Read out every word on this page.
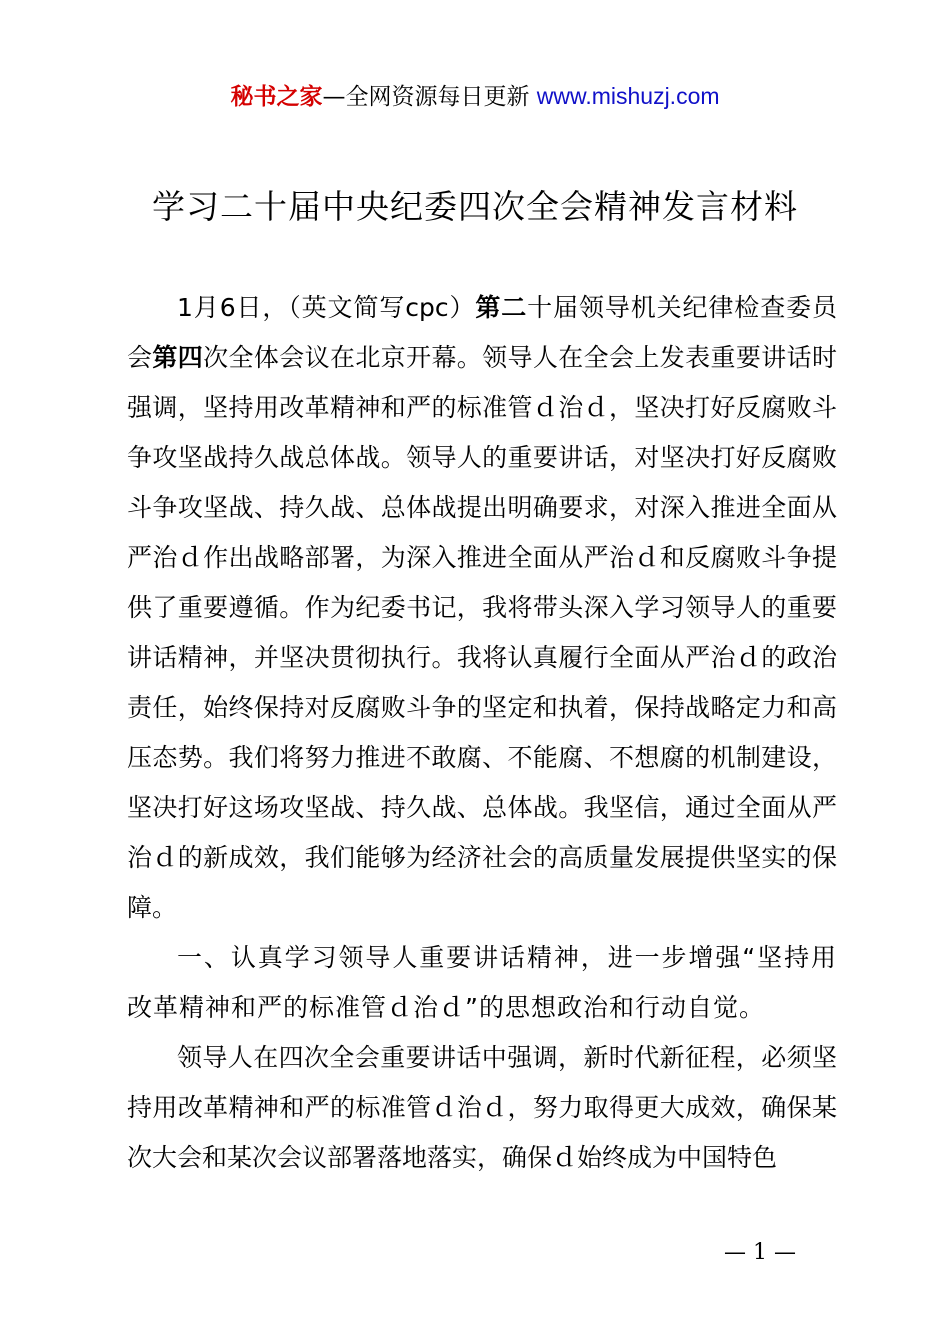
秘书之家—全网资源每日更新 www.mishuzj.com
学习二十届中央纪委四次全会精神发言材料

1月6日，（英文简写cpc）第二十届领导机关纪律检查委员会第四次全体会议在北京开幕。领导人在全会上发表重要讲话时强调，坚持用改革精神和严的标准管ｄ治ｄ，坚决打好反腐败斗争攻坚战持久战总体战。领导人的重要讲话，对坚决打好反腐败斗争攻坚战、持久战、总体战提出明确要求，对深入推进全面从严治ｄ作出战略部署，为深入推进全面从严治ｄ和反腐败斗争提供了重要遵循。作为纪委书记，我将带头深入学习领导人的重要讲话精神，并坚决贯彻执行。我将认真履行全面从严治ｄ的政治责任，始终保持对反腐败斗争的坚定和执着，保持战略定力和高压态势。我们将努力推进不敢腐、不能腐、不想腐的机制建设，坚决打好这场攻坚战、持久战、总体战。我坚信，通过全面从严治ｄ的新成效，我们能够为经济社会的高质量发展提供坚实的保障。

一、认真学习领导人重要讲话精神，进一步增强“坚持用改革精神和严的标准管ｄ治ｄ”的思想政治和行动自觉。

领导人在四次全会重要讲话中强调，新时代新征程，必须坚持用改革精神和严的标准管ｄ治ｄ，努力取得更大成效，确保某次大会和某次会议部署落地落实，确保ｄ始终成为中国特色

— 1 —
